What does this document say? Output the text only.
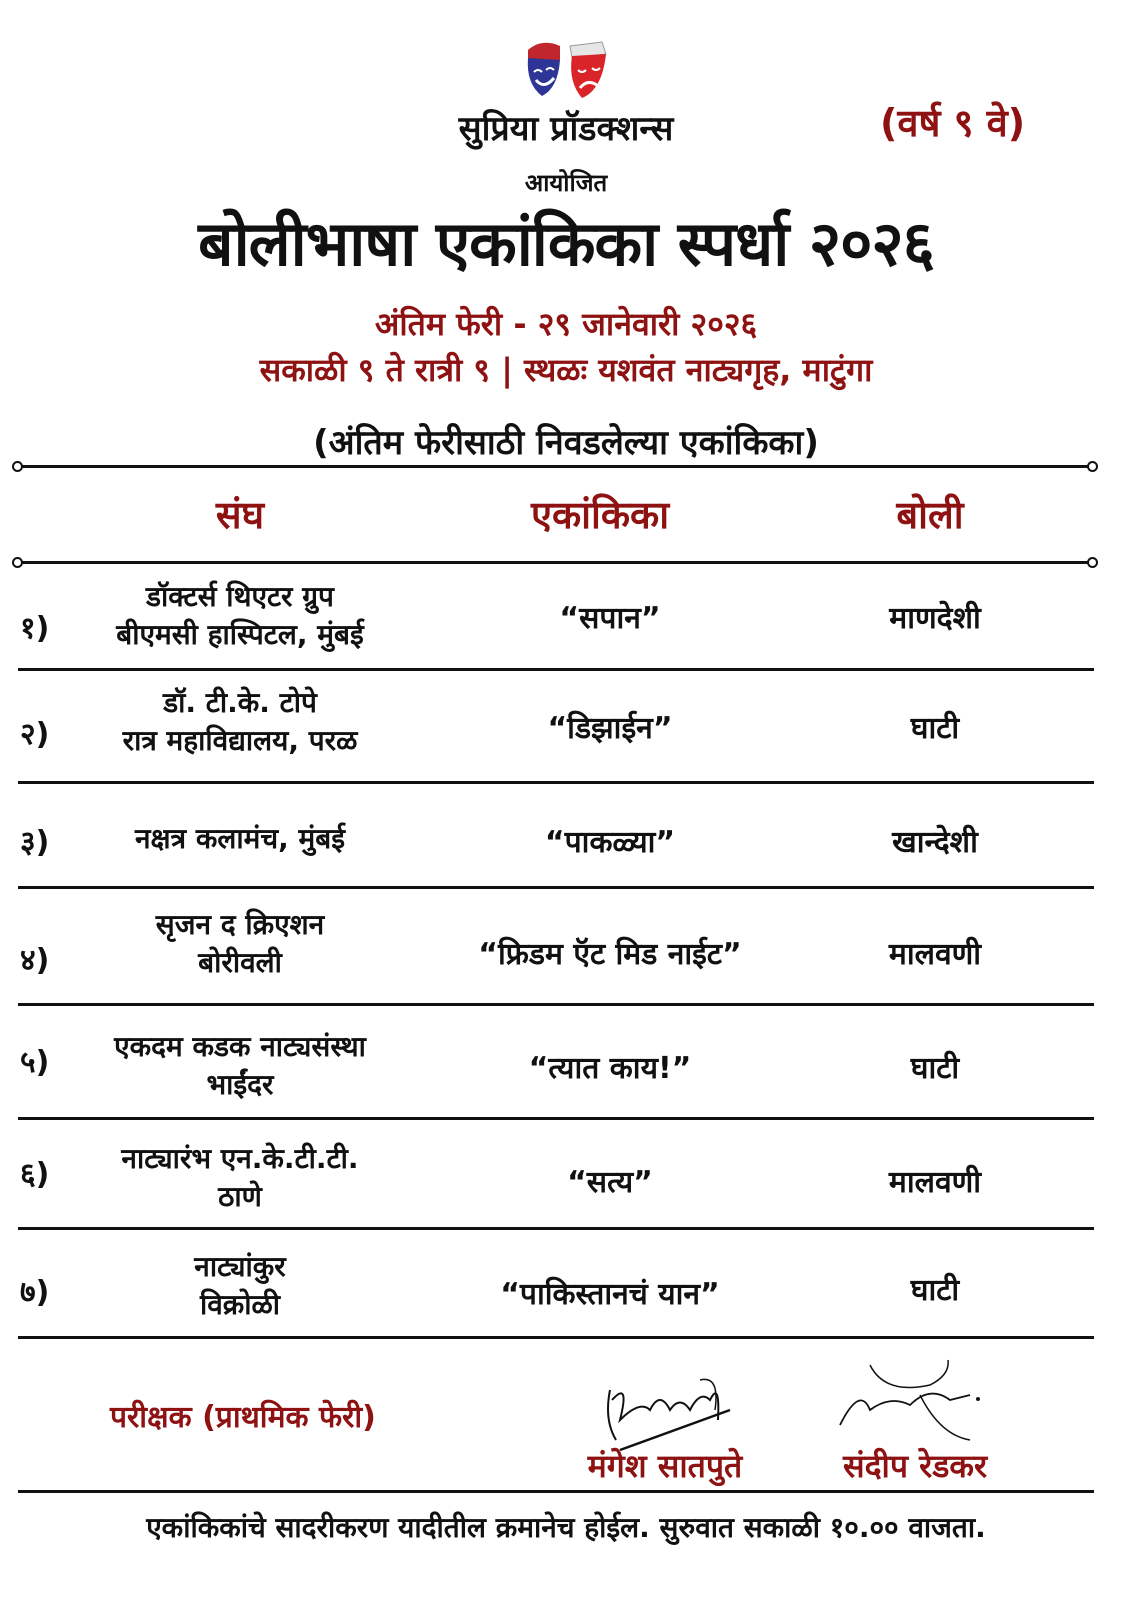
सुप्रिया प्रॉडक्शन्स	(वर्ष ९ वे)
आयोजित
बोलीभाषा एकांकिका स्पर्धा २०२६
अंतिम फेरी - २९ जानेवारी २०२६
सकाळी ९ ते रात्री ९ | स्थळः यशवंत नाट्यगृह, माटुंगा
(अंतिम फेरीसाठी निवडलेल्या एकांकिका)
संघ	एकांकिका	बोली
१)
डॉक्टर्स थिएटर ग्रुप
बीएमसी हास्पिटल, मुंबई	“सपान”	माणदेशी
२)
डॉ. टी.के. टोपे
रात्र महाविद्यालय, परळ	“डिझाईन”	घाटी
३)	नक्षत्र कलामंच, मुंबई	“पाकळ्या”	खान्देशी
४)
सृजन द क्रिएशन
बोरीवली	“फ्रिडम ऍट मिड नाईट”	मालवणी
५)	एकदम कडक नाट्यसंस्था
भाईंदर	“त्यात काय!”	घाटी
६)	नाट्यारंभ एन.के.टी.टी.
ठाणे	“सत्य”	मालवणी
७)
नाट्यांकुर
विक्रोळी	“पाकिस्तानचं यान”	घाटी
परीक्षक (प्राथमिक फेरी)
मंगेश सातपुते	संदीप रेडकर
एकांकिकांचे सादरीकरण यादीतील क्रमानेच होईल. सुरुवात सकाळी १०.०० वाजता.
